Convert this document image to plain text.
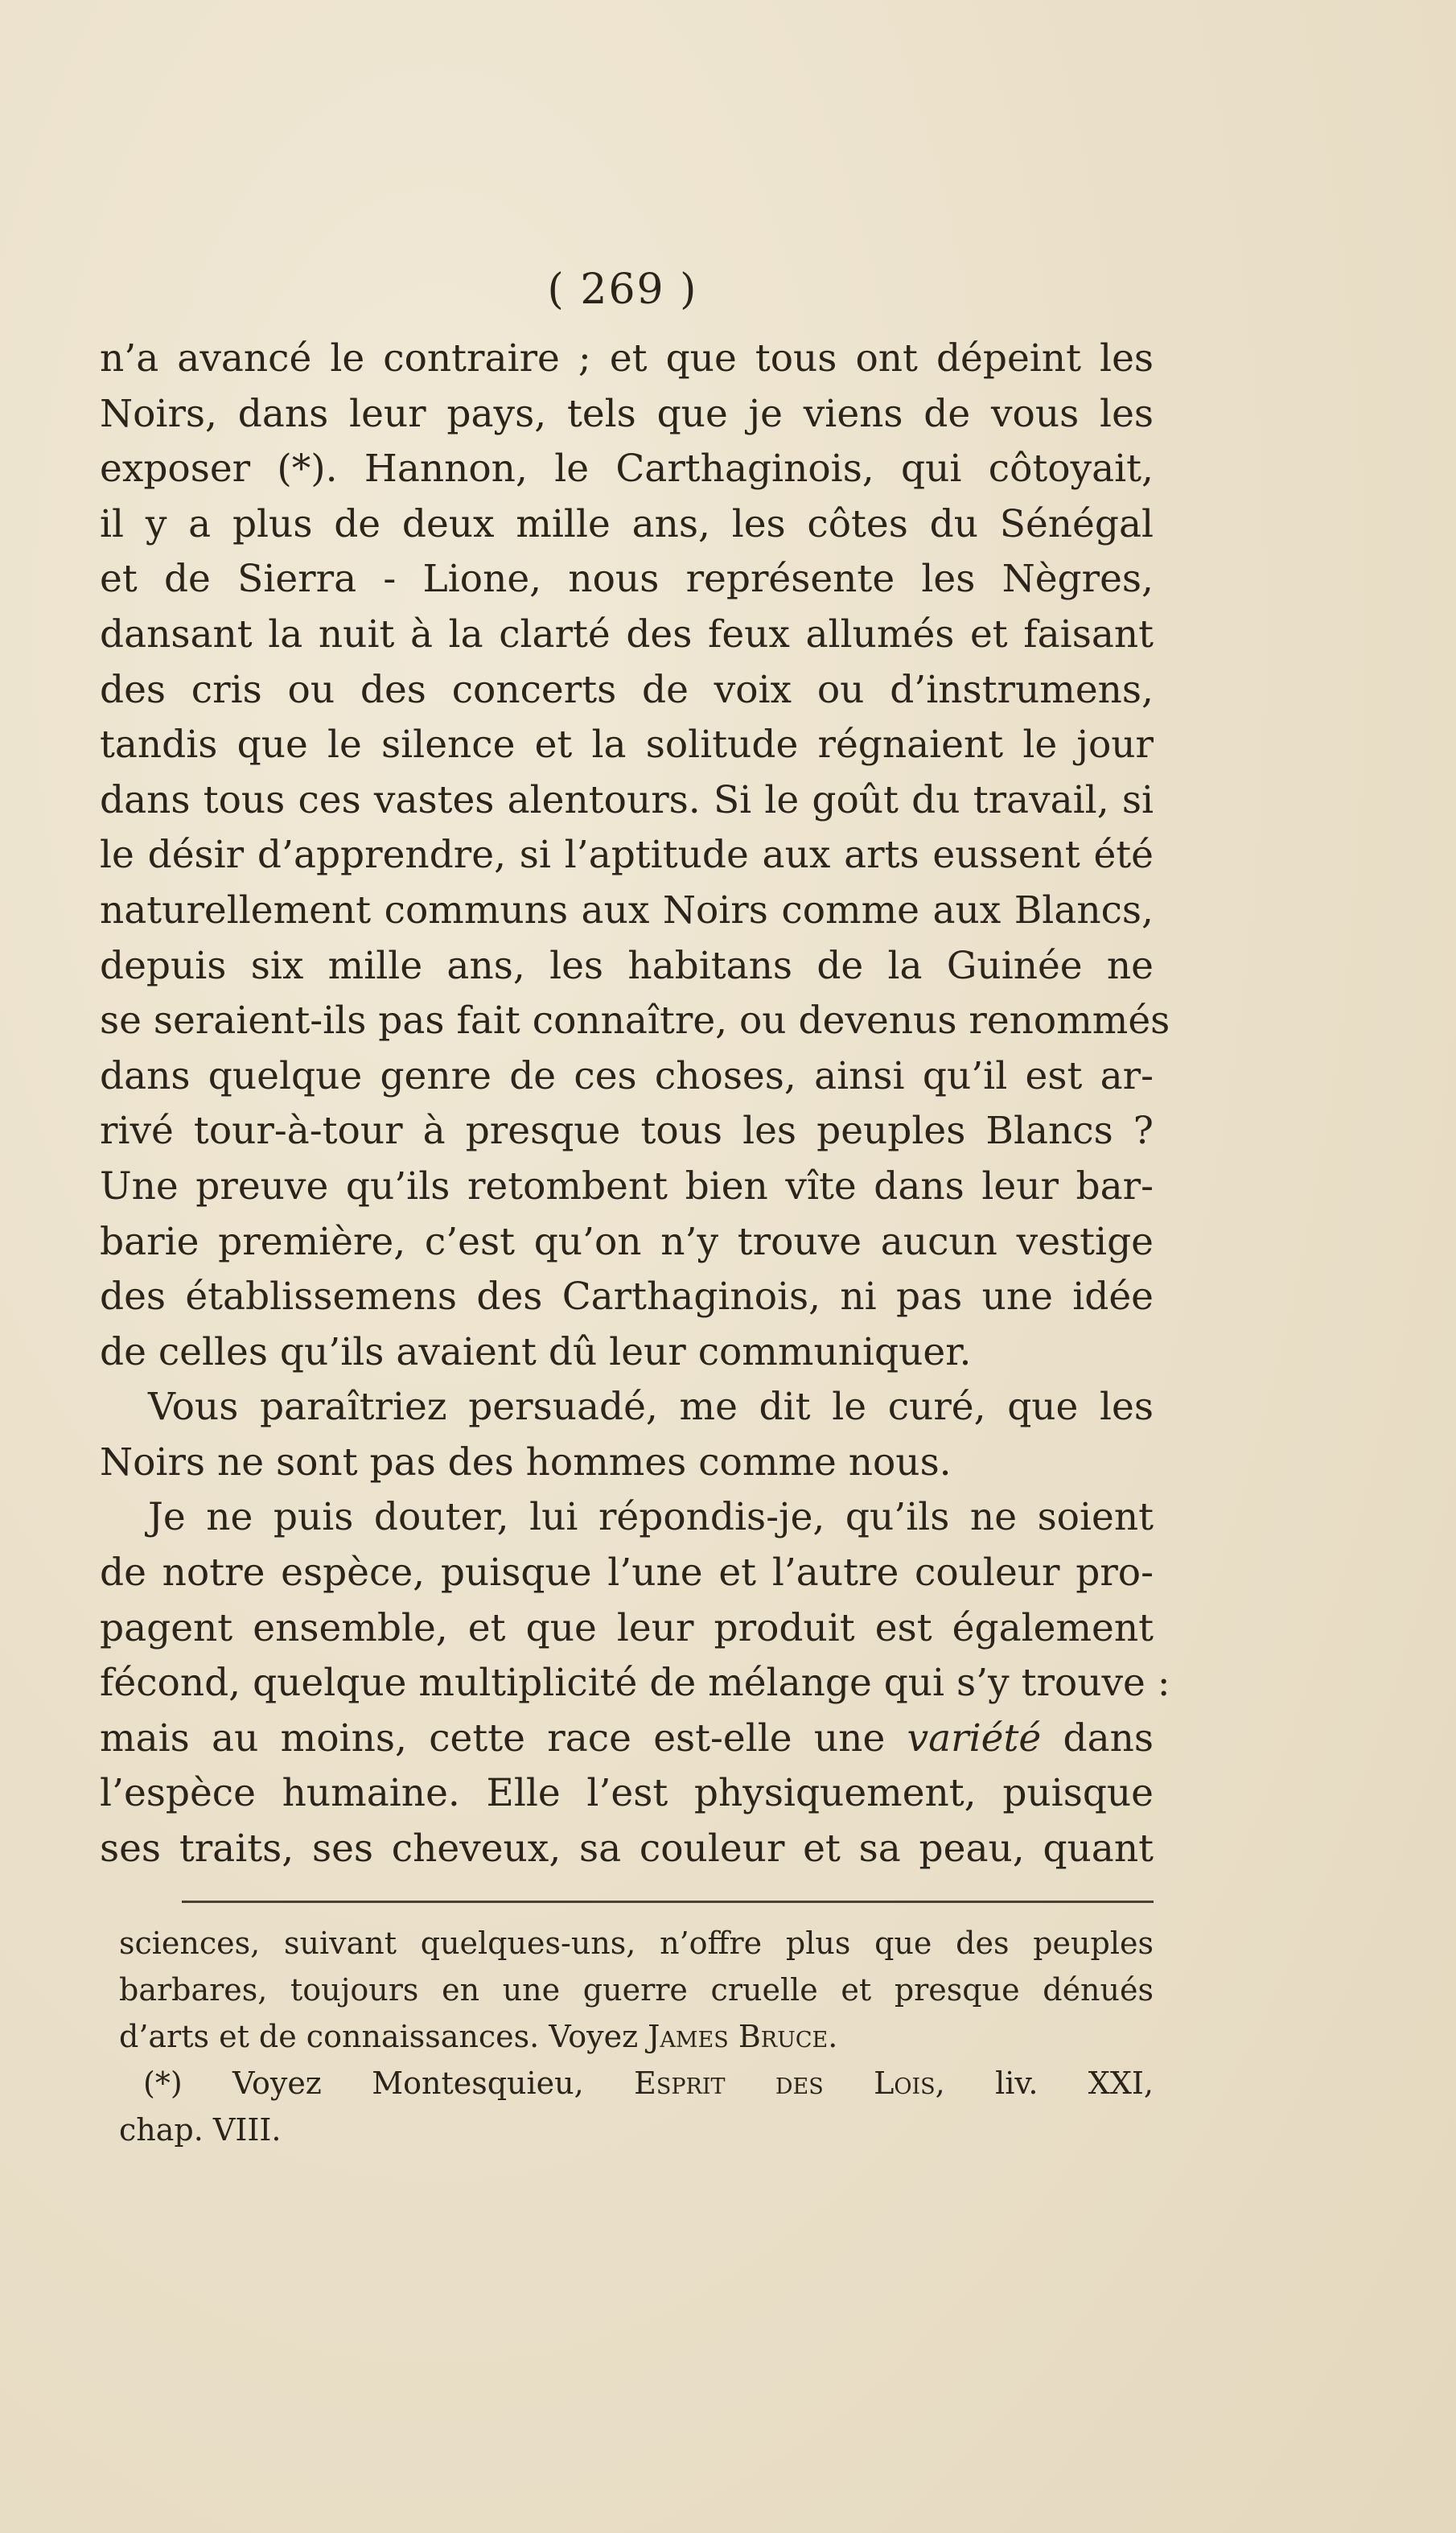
( 269 )
n’a avancé le contraire ; et que tous ont dépeint les
Noirs, dans leur pays, tels que je viens de vous les
exposer (*). Hannon, le Carthaginois, qui côtoyait,
il y a plus de deux mille ans, les côtes du Sénégal
et de Sierra - Lione, nous représente les Nègres,
dansant la nuit à la clarté des feux allumés et faisant
des cris ou des concerts de voix ou d’instrumens,
tandis que le silence et la solitude régnaient le jour
dans tous ces vastes alentours. Si le goût du travail, si
le désir d’apprendre, si l’aptitude aux arts eussent été
naturellement communs aux Noirs comme aux Blancs,
depuis six mille ans, les habitans de la Guinée ne
se seraient-ils pas fait connaître, ou devenus renommés
dans quelque genre de ces choses, ainsi qu’il est ar-
rivé tour-à-tour à presque tous les peuples Blancs ?
Une preuve qu’ils retombent bien vîte dans leur bar-
barie première, c’est qu’on n’y trouve aucun vestige
des établissemens des Carthaginois, ni pas une idée
de celles qu’ils avaient dû leur communiquer.
Vous paraîtriez persuadé, me dit le curé, que les
Noirs ne sont pas des hommes comme nous.
Je ne puis douter, lui répondis-je, qu’ils ne soient
de notre espèce, puisque l’une et l’autre couleur pro-
pagent ensemble, et que leur produit est également
fécond, quelque multiplicité de mélange qui s’y trouve :
mais au moins, cette race est-elle une variété dans
l’espèce humaine. Elle l’est physiquement, puisque
ses traits, ses cheveux, sa couleur et sa peau, quant
sciences, suivant quelques-uns, n’offre plus que des peuples
barbares, toujours en une guerre cruelle et presque dénués
d’arts et de connaissances. Voyez James Bruce.
(*) Voyez Montesquieu, Esprit des Lois, liv. XXI,
chap. VIII.
